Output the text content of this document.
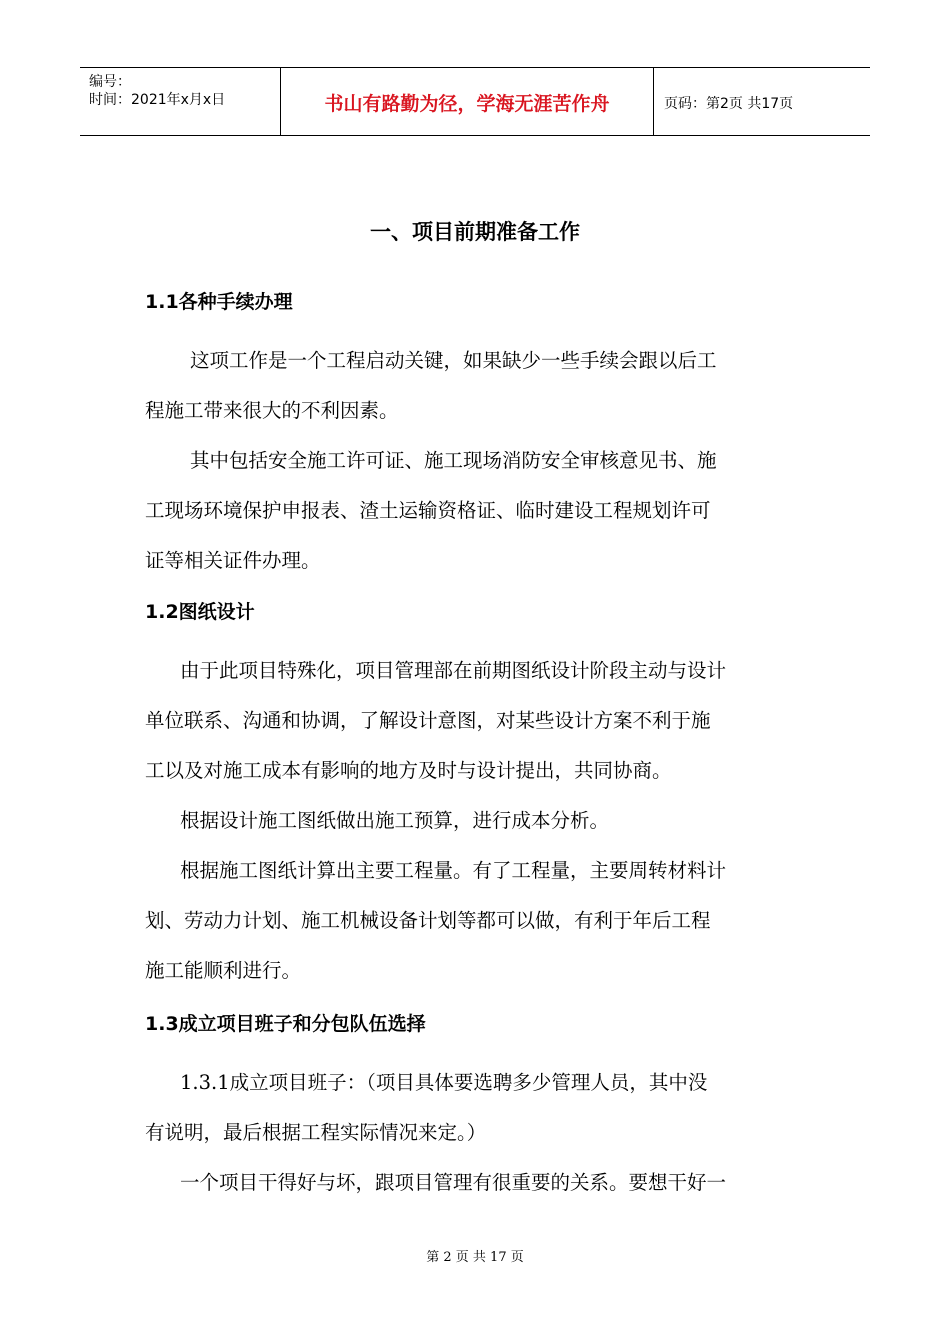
编号：
时间：2021年x月x日	书山有路勤为径，学海无涯苦作舟	页码：第2页 共17页
一、项目前期准备工作
1.1各种手续办理

这项工作是一个工程启动关键，如果缺少一些手续会跟以后工
程施工带来很大的不利因素。

其中包括安全施工许可证、施工现场消防安全审核意见书、施
工现场环境保护申报表、渣土运输资格证、临时建设工程规划许可
证等相关证件办理。

1.2图纸设计

由于此项目特殊化，项目管理部在前期图纸设计阶段主动与设计
单位联系、沟通和协调，了解设计意图，对某些设计方案不利于施
工以及对施工成本有影响的地方及时与设计提出，共同协商。

根据设计施工图纸做出施工预算，进行成本分析。

根据施工图纸计算出主要工程量。有了工程量，主要周转材料计
划、劳动力计划、施工机械设备计划等都可以做，有利于年后工程
施工能顺利进行。

1.3成立项目班子和分包队伍选择

1.3.1成立项目班子：（项目具体要选聘多少管理人员，其中没
有说明，最后根据工程实际情况来定。）

一个项目干得好与坏，跟项目管理有很重要的关系。要想干好一

第 2 页 共 17 页
